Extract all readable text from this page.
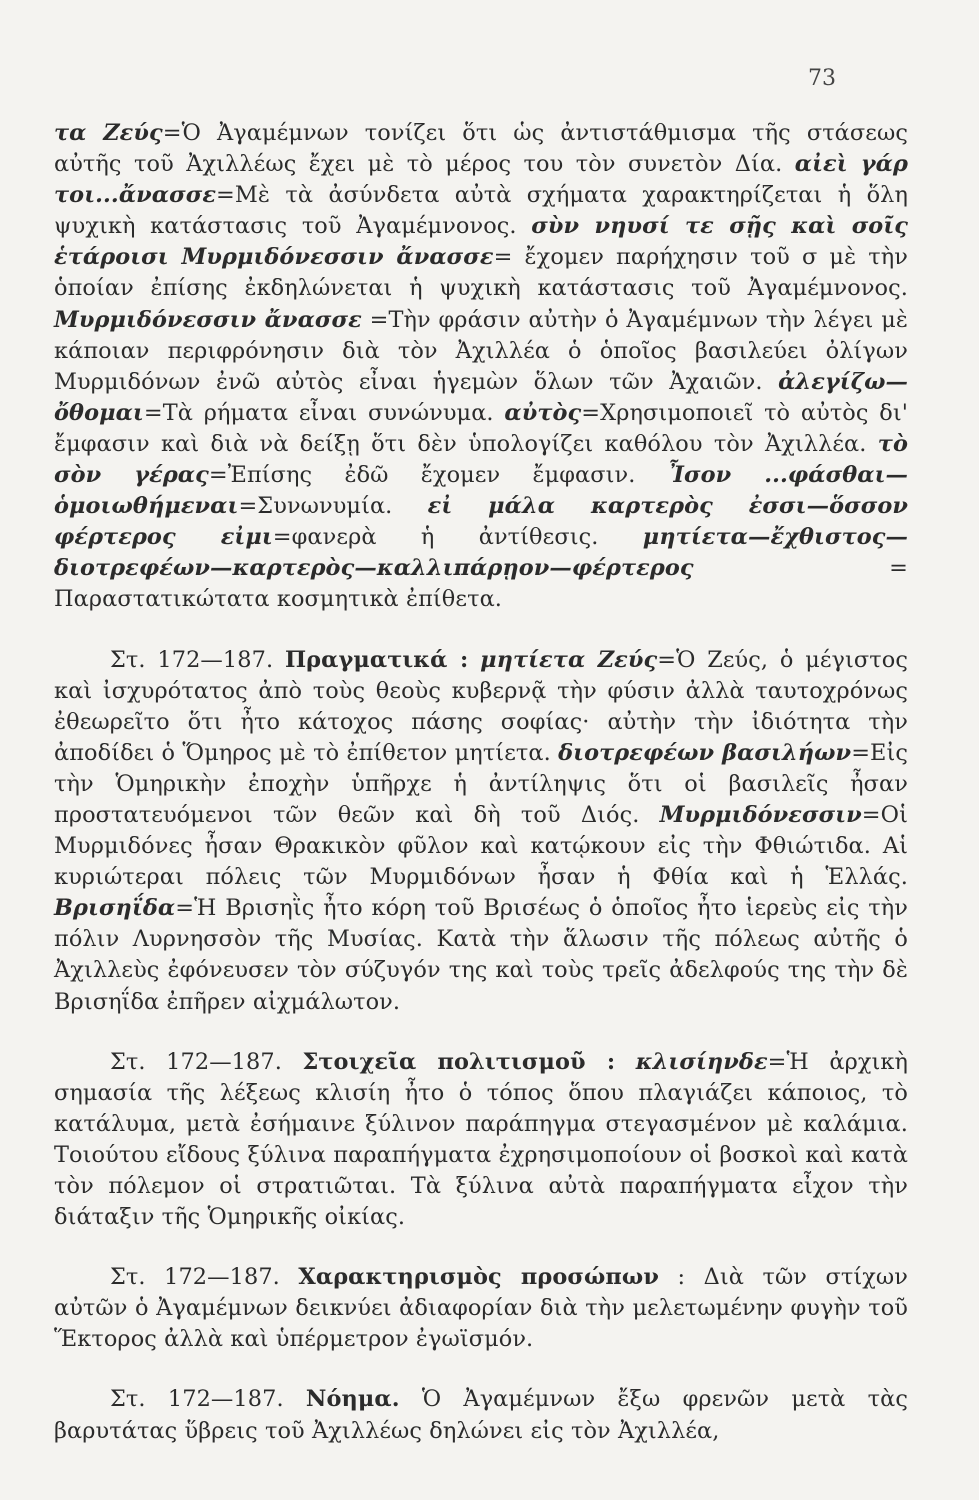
73

τα Ζεύς=Ὁ Ἀγαμέμνων τονίζει ὅτι ὡς ἀντιστάθμισμα τῆς στάσεως αὐτῆς τοῦ Ἀχιλλέως ἔχει μὲ τὸ μέρος του τὸν συνετὸν Δία. αἰεὶ γάρ τοι...ἄνασσε=Μὲ τὰ ἀσύνδετα αὐτὰ σχήματα χαρακτηρίζεται ἡ ὅλη ψυχικὴ κατάστασις τοῦ Ἀγαμέμνονος. σὺν νηυσί τε σῇς καὶ σοῖς ἑτάροισι Μυρμιδόνεσσιν ἄνασσε= ἔχομεν παρήχησιν τοῦ σ μὲ τὴν ὁποίαν ἐπίσης ἐκδηλώνεται ἡ ψυχικὴ κατάστασις τοῦ Ἀγαμέμνονος. Μυρμιδόνεσσιν ἄνασσε =Τὴν φράσιν αὐτὴν ὁ Ἀγαμέμνων τὴν λέγει μὲ κάποιαν περιφρόνησιν διὰ τὸν Ἀχιλλέα ὁ ὁποῖος βασιλεύει ὀλίγων Μυρμιδόνων ἐνῶ αὐτὸς εἶναι ἡγεμὼν ὅλων τῶν Ἀχαιῶν. ἀλεγίζω—ὄθομαι=Τὰ ρήματα εἶναι συνώνυμα. αὐτὸς=Χρησιμοποιεῖ τὸ αὐτὸς δι' ἔμφασιν καὶ διὰ νὰ δείξῃ ὅτι δὲν ὑπολογίζει καθόλου τὸν Ἀχιλλέα. τὸ σὸν γέρας=Ἐπίσης ἐδῶ ἔχομεν ἔμφασιν. Ἶσον ...φάσθαι—ὁμοιωθήμεναι=Συνωνυμία. εἰ μάλα καρτερὸς ἐσσι—ὅσσον φέρτερος εἰμι=φανερὰ ἡ ἀντίθεσις. μητίετα—ἔχθιστος—διοτρεφέων—καρτερὸς—καλλιπάρῃον—φέρτερος = Παραστατικώτατα κοσμητικὰ ἐπίθετα.

Στ. 172—187. Πραγματικά : μητίετα Ζεύς=Ὁ Ζεύς, ὁ μέγιστος καὶ ἰσχυρότατος ἀπὸ τοὺς θεοὺς κυβερνᾷ τὴν φύσιν ἀλλὰ ταυτοχρόνως ἐθεωρεῖτο ὅτι ἦτο κάτοχος πάσης σοφίας· αὐτὴν τὴν ἰδιότητα τὴν ἀποδίδει ὁ Ὅμηρος μὲ τὸ ἐπίθετον μητίετα. διοτρεφέων βασιλήων=Εἰς τὴν Ὁμηρικὴν ἐποχὴν ὑπῆρχε ἡ ἀντίληψις ὅτι οἱ βασιλεῖς ἦσαν προστατευόμενοι τῶν θεῶν καὶ δὴ τοῦ Διός. Μυρμιδόνεσσιν=Οἱ Μυρμιδόνες ἦσαν Θρακικὸν φῦλον καὶ κατῴκουν εἰς τὴν Φθιώτιδα. Αἱ κυριώτεραι πόλεις τῶν Μυρμιδόνων ἦσαν ἡ Φθία καὶ ἡ Ἑλλάς. Βρισηΐδα=Ἡ Βρισηῒς ἦτο κόρη τοῦ Βρισέως ὁ ὁποῖος ἦτο ἱερεὺς εἰς τὴν πόλιν Λυρνησσὸν τῆς Μυσίας. Κατὰ τὴν ἅλωσιν τῆς πόλεως αὐτῆς ὁ Ἀχιλλεὺς ἐφόνευσεν τὸν σύζυγόν της καὶ τοὺς τρεῖς ἀδελφούς της τὴν δὲ Βρισηΐδα ἐπῆρεν αἰχμάλωτον.

Στ. 172—187. Στοιχεῖα πολιτισμοῦ : κλισίηνδε=Ἡ ἀρχικὴ σημασία τῆς λέξεως κλισίη ἦτο ὁ τόπος ὅπου πλαγιάζει κάποιος, τὸ κατάλυμα, μετὰ ἐσήμαινε ξύλινον παράπηγμα στεγασμένον μὲ καλάμια. Τοιούτου εἴδους ξύλινα παραπήγματα ἐχρησιμοποίουν οἱ βοσκοὶ καὶ κατὰ τὸν πόλεμον οἱ στρατιῶται. Τὰ ξύλινα αὐτὰ παραπήγματα εἶχον τὴν διάταξιν τῆς Ὁμηρικῆς οἰκίας.

Στ. 172—187. Χαρακτηρισμὸς προσώπων : Διὰ τῶν στίχων αὐτῶν ὁ Ἀγαμέμνων δεικνύει ἀδιαφορίαν διὰ τὴν μελετωμένην φυγὴν τοῦ Ἕκτορος ἀλλὰ καὶ ὑπέρμετρον ἐγωϊσμόν.

Στ. 172—187. Νόημα. Ὁ Ἀγαμέμνων ἔξω φρενῶν μετὰ τὰς βαρυτάτας ὕβρεις τοῦ Ἀχιλλέως δηλώνει εἰς τὸν Ἀχιλλέα,
